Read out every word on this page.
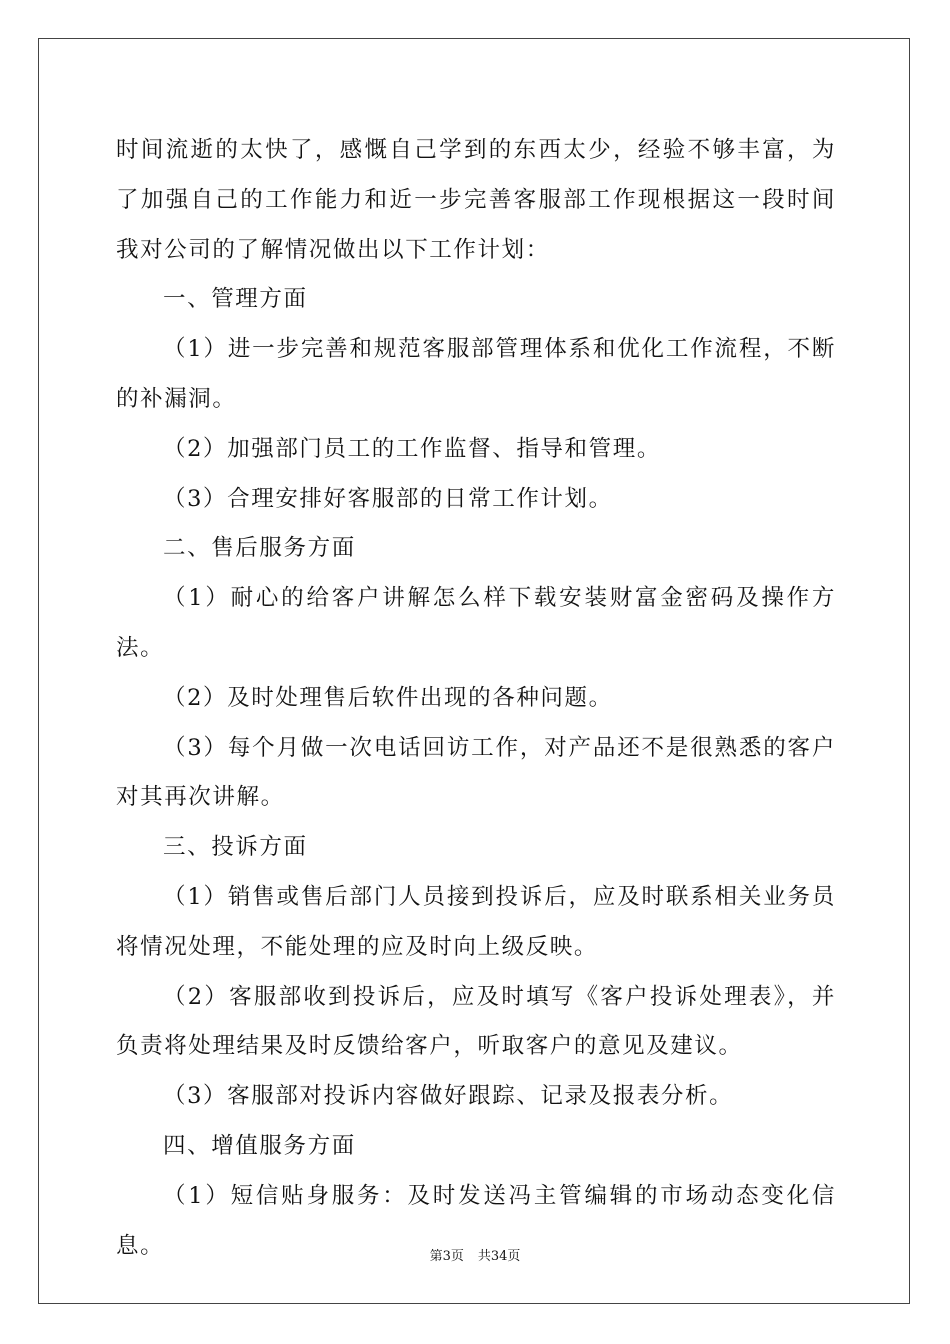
时间流逝的太快了，感慨自己学到的东西太少，经验不够丰富，为了加强自己的工作能力和近一步完善客服部工作现根据这一段时间我对公司的了解情况做出以下工作计划：

一、管理方面

（1）进一步完善和规范客服部管理体系和优化工作流程，不断的补漏洞。

（2）加强部门员工的工作监督、指导和管理。

（3）合理安排好客服部的日常工作计划。

二、售后服务方面

（1）耐心的给客户讲解怎么样下载安装财富金密码及操作方法。

（2）及时处理售后软件出现的各种问题。

（3）每个月做一次电话回访工作，对产品还不是很熟悉的客户对其再次讲解。

三、投诉方面

（1）销售或售后部门人员接到投诉后，应及时联系相关业务员将情况处理，不能处理的应及时向上级反映。

（2）客服部收到投诉后，应及时填写《客户投诉处理表》，并负责将处理结果及时反馈给客户，听取客户的意见及建议。

（3）客服部对投诉内容做好跟踪、记录及报表分析。

四、增值服务方面

（1）短信贴身服务：及时发送冯主管编辑的市场动态变化信息。	第3页 共34页
